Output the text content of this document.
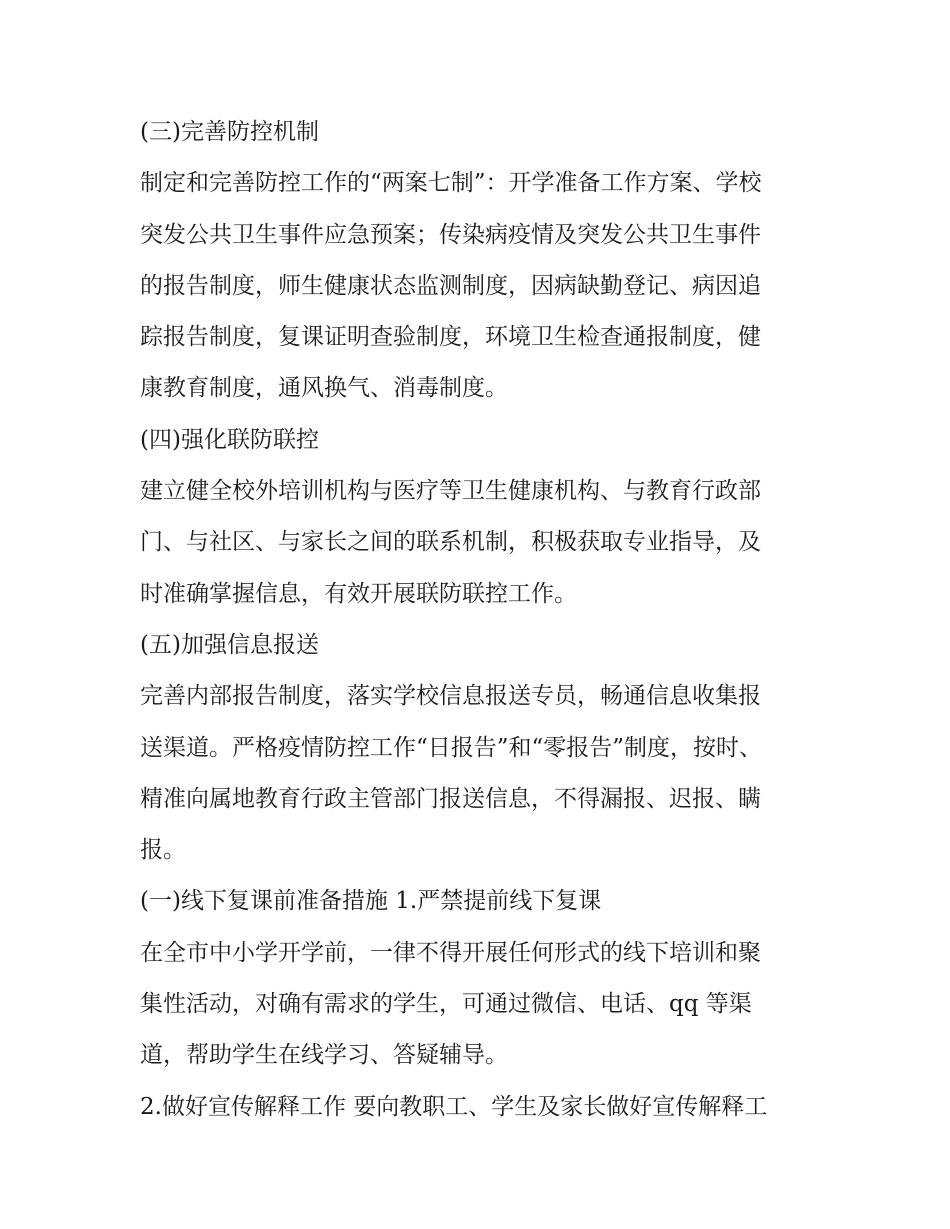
(三)完善防控机制
制定和完善防控工作的“两案七制”：开学准备工作方案、学校
突发公共卫生事件应急预案；传染病疫情及突发公共卫生事件
的报告制度，师生健康状态监测制度，因病缺勤登记、病因追
踪报告制度，复课证明查验制度，环境卫生检查通报制度，健
康教育制度，通风换气、消毒制度。
(四)强化联防联控
建立健全校外培训机构与医疗等卫生健康机构、与教育行政部
门、与社区、与家长之间的联系机制，积极获取专业指导，及
时准确掌握信息，有效开展联防联控工作。
(五)加强信息报送
完善内部报告制度，落实学校信息报送专员，畅通信息收集报
送渠道。严格疫情防控工作“日报告”和“零报告”制度，按时、
精准向属地教育行政主管部门报送信息，不得漏报、迟报、瞒
报。
(一)线下复课前准备措施 1.严禁提前线下复课
在全市中小学开学前，一律不得开展任何形式的线下培训和聚
集性活动，对确有需求的学生，可通过微信、电话、qq 等渠
道，帮助学生在线学习、答疑辅导。
2.做好宣传解释工作 要向教职工、学生及家长做好宣传解释工
